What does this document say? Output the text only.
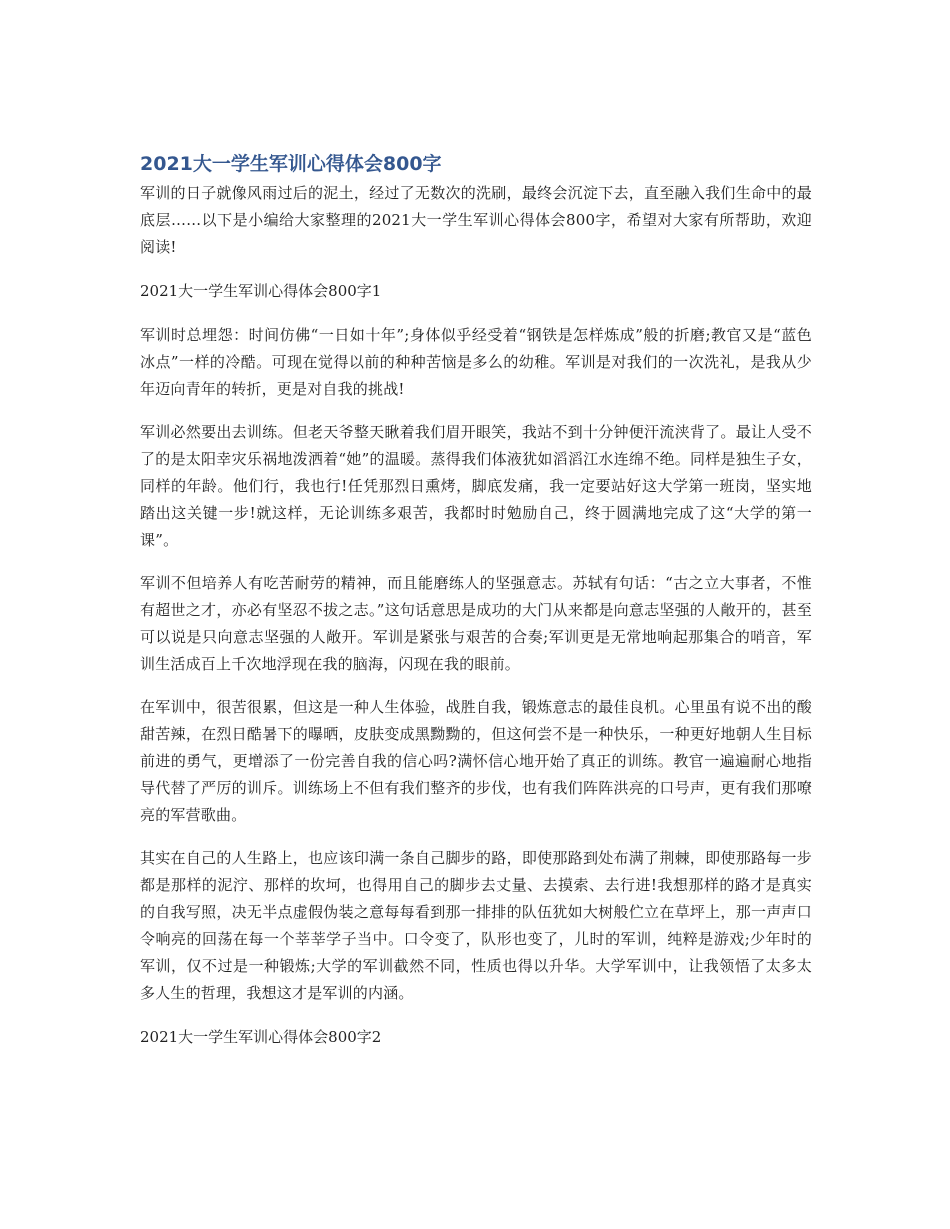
2021大一学生军训心得体会800字

军训的日子就像风雨过后的泥土，经过了无数次的洗刷，最终会沉淀下去，直至融入我们生命中的最底层……以下是小编给大家整理的2021大一学生军训心得体会800字，希望对大家有所帮助，欢迎阅读!

2021大一学生军训心得体会800字1

军训时总埋怨：时间仿佛“一日如十年”;身体似乎经受着“钢铁是怎样炼成”般的折磨;教官又是“蓝色冰点”一样的冷酷。可现在觉得以前的种种苦恼是多么的幼稚。军训是对我们的一次洗礼，是我从少年迈向青年的转折，更是对自我的挑战!

军训必然要出去训练。但老天爷整天瞅着我们眉开眼笑，我站不到十分钟便汗流浃背了。最让人受不了的是太阳幸灾乐祸地泼洒着“她”的温暖。蒸得我们体液犹如滔滔江水连绵不绝。同样是独生子女，同样的年龄。他们行，我也行!任凭那烈日熏烤，脚底发痛，我一定要站好这大学第一班岗，坚实地踏出这关键一步!就这样，无论训练多艰苦，我都时时勉励自己，终于圆满地完成了这“大学的第一课”。

军训不但培养人有吃苦耐劳的精神，而且能磨练人的坚强意志。苏轼有句话：“古之立大事者，不惟有超世之才，亦必有坚忍不拔之志。”这句话意思是成功的大门从来都是向意志坚强的人敞开的，甚至可以说是只向意志坚强的人敞开。军训是紧张与艰苦的合奏;军训更是无常地响起那集合的哨音，军训生活成百上千次地浮现在我的脑海，闪现在我的眼前。

在军训中，很苦很累，但这是一种人生体验，战胜自我，锻炼意志的最佳良机。心里虽有说不出的酸甜苦辣，在烈日酷暑下的曝晒，皮肤变成黑黝黝的，但这何尝不是一种快乐，一种更好地朝人生目标前进的勇气，更增添了一份完善自我的信心吗?满怀信心地开始了真正的训练。教官一遍遍耐心地指导代替了严厉的训斥。训练场上不但有我们整齐的步伐，也有我们阵阵洪亮的口号声，更有我们那嘹亮的军营歌曲。

其实在自己的人生路上，也应该印满一条自己脚步的路，即使那路到处布满了荆棘，即使那路每一步都是那样的泥泞、那样的坎坷，也得用自己的脚步去丈量、去摸索、去行进!我想那样的路才是真实的自我写照，决无半点虚假伪装之意每每看到那一排排的队伍犹如大树般伫立在草坪上，那一声声口令响亮的回荡在每一个莘莘学子当中。口令变了，队形也变了，儿时的军训，纯粹是游戏;少年时的军训，仅不过是一种锻炼;大学的军训截然不同，性质也得以升华。大学军训中，让我领悟了太多太多人生的哲理，我想这才是军训的内涵。

2021大一学生军训心得体会800字2
